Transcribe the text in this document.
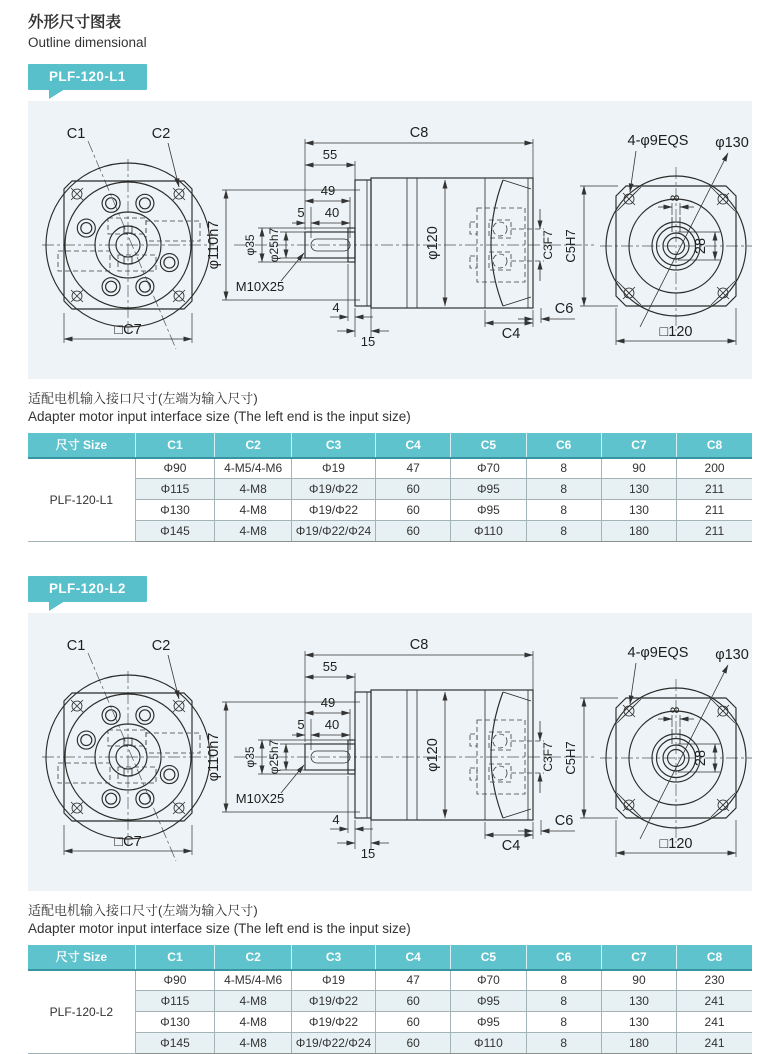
外形尺寸图表
Outline dimensional
PLF-120-L1
C1	C2
□C7
φ110h7	φ120
C8
55
49
5 40
φ35 φ25h7
M10X25
4
15	C4
C6
C3F7 C5H7
8
28
4-φ9EQS φ130
□120
适配电机输入接口尺寸(左端为输入尺寸)
Adapter motor input interface size (The left end is the input size)
尺寸 Size	C1	C2	C3	C4	C5	C6	C7	C8
PLF-120-L1	Φ90	4-M5/4-M6	Φ19	47	Φ70	8	90	200
	Φ115	4-M8	Φ19/Φ22	60	Φ95	8	130	211
	Φ130	4-M8	Φ19/Φ22	60	Φ95	8	130	211
	Φ145	4-M8	Φ19/Φ22/Φ24	60	Φ110	8	180	211
PLF-120-L2
C1	C2
□C7
φ110h7	φ120
C8
55
49
5 40
φ35 φ25h7
M10X25
4
15	C4
C6
C3F7 C5H7
8
28
4-φ9EQS φ130
□120
适配电机输入接口尺寸(左端为输入尺寸)
Adapter motor input interface size (The left end is the input size)
尺寸 Size	C1	C2	C3	C4	C5	C6	C7	C8
PLF-120-L2	Φ90	4-M5/4-M6	Φ19	47	Φ70	8	90	230
	Φ115	4-M8	Φ19/Φ22	60	Φ95	8	130	241
	Φ130	4-M8	Φ19/Φ22	60	Φ95	8	130	241
	Φ145	4-M8	Φ19/Φ22/Φ24	60	Φ110	8	180	241
